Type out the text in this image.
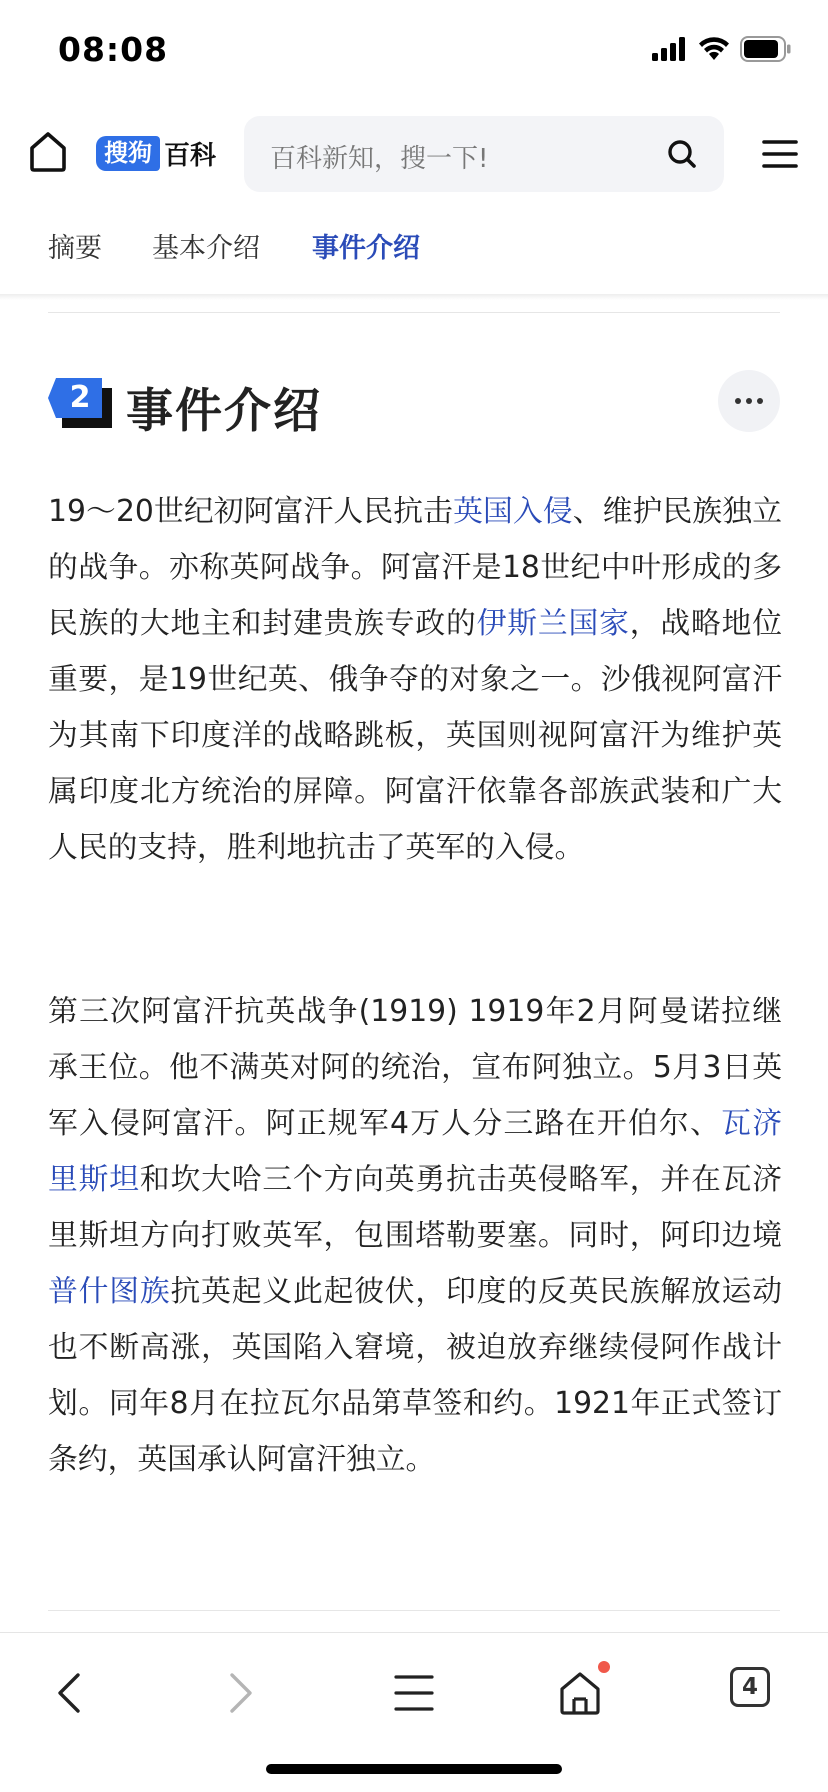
08:08
搜狗 百科 百科新知，搜一下!
摘要 基本介绍 事件介绍
2 事件介绍

19～20世纪初阿富汗人民抗击英国入侵、维护民族独立的战争。亦称英阿战争。阿富汗是18世纪中叶形成的多民族的大地主和封建贵族专政的伊斯兰国家，战略地位重要，是19世纪英、俄争夺的对象之一。沙俄视阿富汗为其南下印度洋的战略跳板，英国则视阿富汗为维护英属印度北方统治的屏障。阿富汗依靠各部族武装和广大人民的支持，胜利地抗击了英军的入侵。

第三次阿富汗抗英战争(1919) 1919年2月阿曼诺拉继承王位。他不满英对阿的统治，宣布阿独立。5月3日英军入侵阿富汗。阿正规军4万人分三路在开伯尔、瓦济里斯坦和坎大哈三个方向英勇抗击英侵略军，并在瓦济里斯坦方向打败英军，包围塔勒要塞。同时，阿印边境普什图族抗英起义此起彼伏，印度的反英民族解放运动也不断高涨，英国陷入窘境，被迫放弃继续侵阿作战计划。同年8月在拉瓦尔品第草签和约。1921年正式签订条约，英国承认阿富汗独立。

4
